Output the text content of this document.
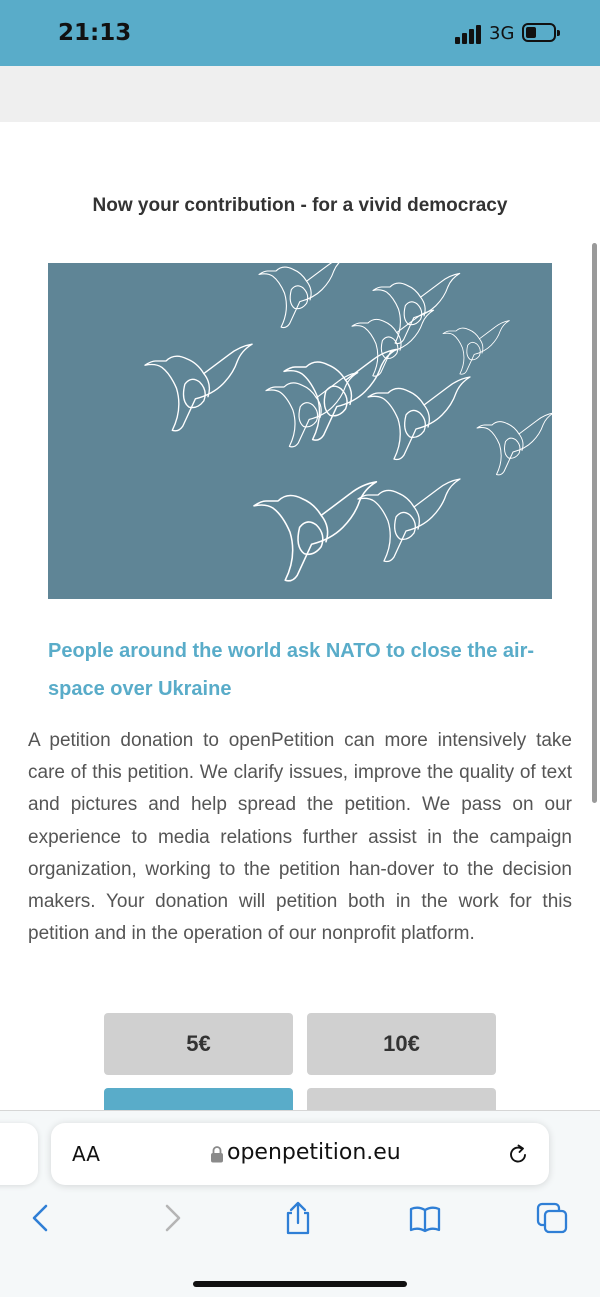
21:13	3G
Now your contribution - for a vivid democracy
People around the world ask NATO to close the air-space over Ukraine

A petition donation to openPetition can more intensively take care of this petition. We clarify issues, improve the quality of text and pictures and help spread the petition. We pass on our experience to media relations further assist in the campaign organization, working to the petition han-dover to the decision makers. Your donation will petition both in the work for this petition and in the operation of our nonprofit platform.

5€	10€
AA	openpetition.eu
